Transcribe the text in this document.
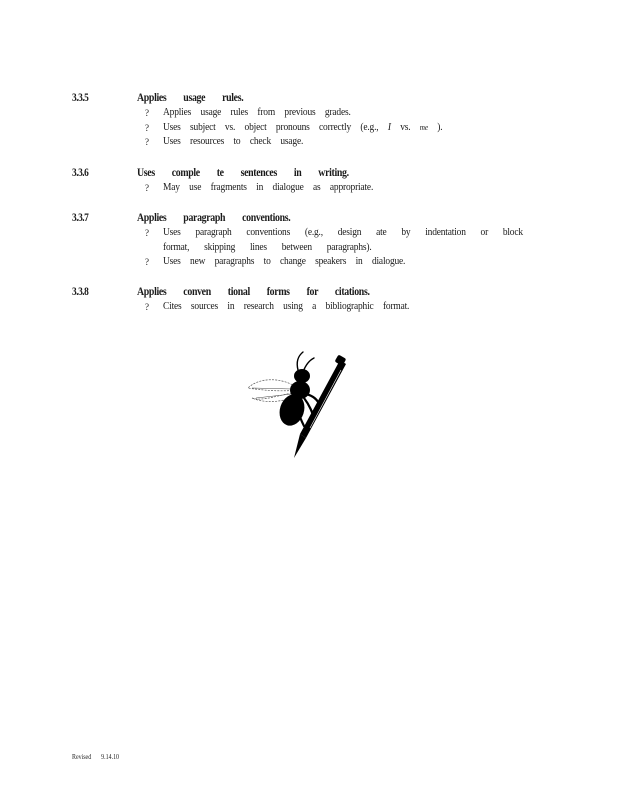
3.3.5	Applies usage rules.
? Applies usage rules from previous grades.
? Uses subject vs. object pronouns correctly (e.g., I vs. me ).
? Uses resources to check usage.
3.3.6	Uses comple te sentences in writing.
? May use fragments in dialogue as appropriate.
3.3.7	Applies paragraph conventions.
? Uses paragraph conventions (e.g., design ate by indentation or block format, skipping lines between paragraphs).
? Uses new paragraphs to change speakers in dialogue.
3.3.8	Applies conven tional forms for citations.
? Cites sources in research using a bibliographic format.
Revised 9.14.10
